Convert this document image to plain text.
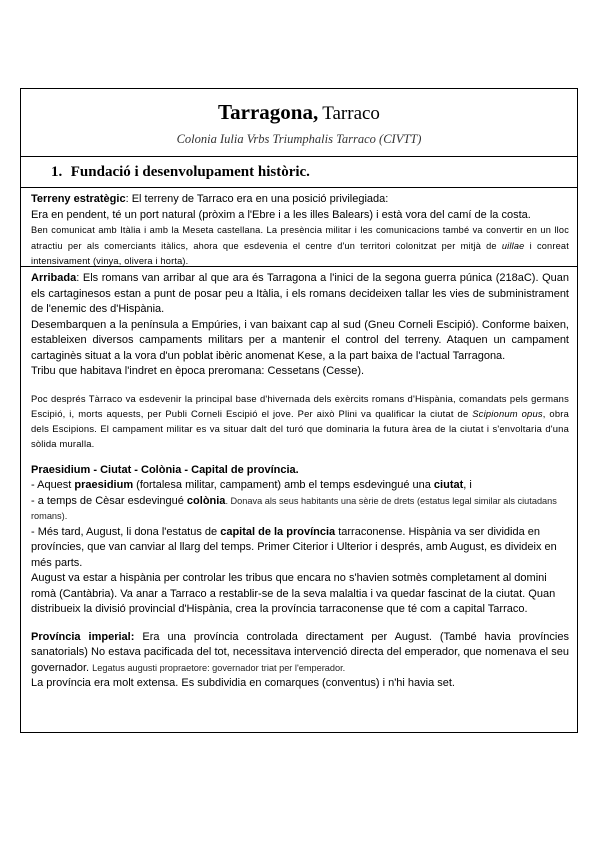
Tarragona, Tarraco
Colonia Iulia Vrbs Triumphalis Tarraco (CIVTT)
1. Fundació i desenvolupament històric.
Terreny estratègic: El terreny de Tarraco era en una posició privilegiada:
Era en pendent, té un port natural (pròxim a l'Ebre i a les illes Balears) i està vora del camí de la costa.
Ben comunicat amb Itàlia i amb la Meseta castellana. La presència militar i les comunicacions també va convertir en un lloc atractiu per als comerciants itàlics, ahora que esdevenia el centre d'un territori colonitzat per mitjà de uillae i conreat intensivament (vinya, olivera i horta).

Arribada: Els romans van arribar al que ara és Tarragona a l'inici de la segona guerra púnica (218aC). Quan els cartaginesos estan a punt de posar peu a Itàlia, i els romans decideixen tallar les vies de subministrament de l'enemic des d'Hispània.

Desembarquen a la península a Empúries, i van baixant cap al sud (Gneu Corneli Escipió). Conforme baixen, estableixen diversos campaments militars per a mantenir el control del terreny. Ataquen un campament cartaginès situat a la vora d'un poblat ibèric anomenat Kese, a la part baixa de l'actual Tarragona.

Tribu que habitava l'indret en època preromana: Cessetans (Cesse).

Poc després Tàrraco va esdevenir la principal base d'hivernada dels exèrcits romans d'Hispània, comandats pels germans Escipió, i, morts aquests, per Publi Corneli Escipió el jove. Per això Plini va qualificar la ciutat de Scipionum opus, obra dels Escipions. El campament militar es va situar dalt del turó que dominaria la futura àrea de la ciutat i s'envoltaria d'una sòlida muralla.

Praesidium - Ciutat - Colònia - Capital de província.

- Aquest praesidium (fortalesa militar, campament) amb el temps esdevingué una ciutat, i

- a temps de Cèsar esdevingué colònia. Donava als seus habitants una sèrie de drets (estatus legal similar als ciutadans romans).

- Més tard, August, li dona l'estatus de capital de la província tarraconense. Hispània va ser dividida en províncies, que van canviar al llarg del temps. Primer Citerior i Ulterior i després, amb August, es divideix en més parts.

August va estar a hispània per controlar les tribus que encara no s'havien sotmès completament al domini romà (Cantàbria). Va anar a Tarraco a restablir-se de la seva malaltia i va quedar fascinat de la ciutat. Quan distribueix la divisió provincial d'Hispània, crea la província tarraconense que té com a capital Tarraco.

Província imperial: Era una província controlada directament per August. (També havia províncies sanatorials) No estava pacificada del tot, necessitava intervenció directa del emperador, que nomenava el seu governador. Legatus augusti propraetore: governador triat per l'emperador.

La província era molt extensa. Es subdividia en comarques (conventus) i n'hi havia set.
